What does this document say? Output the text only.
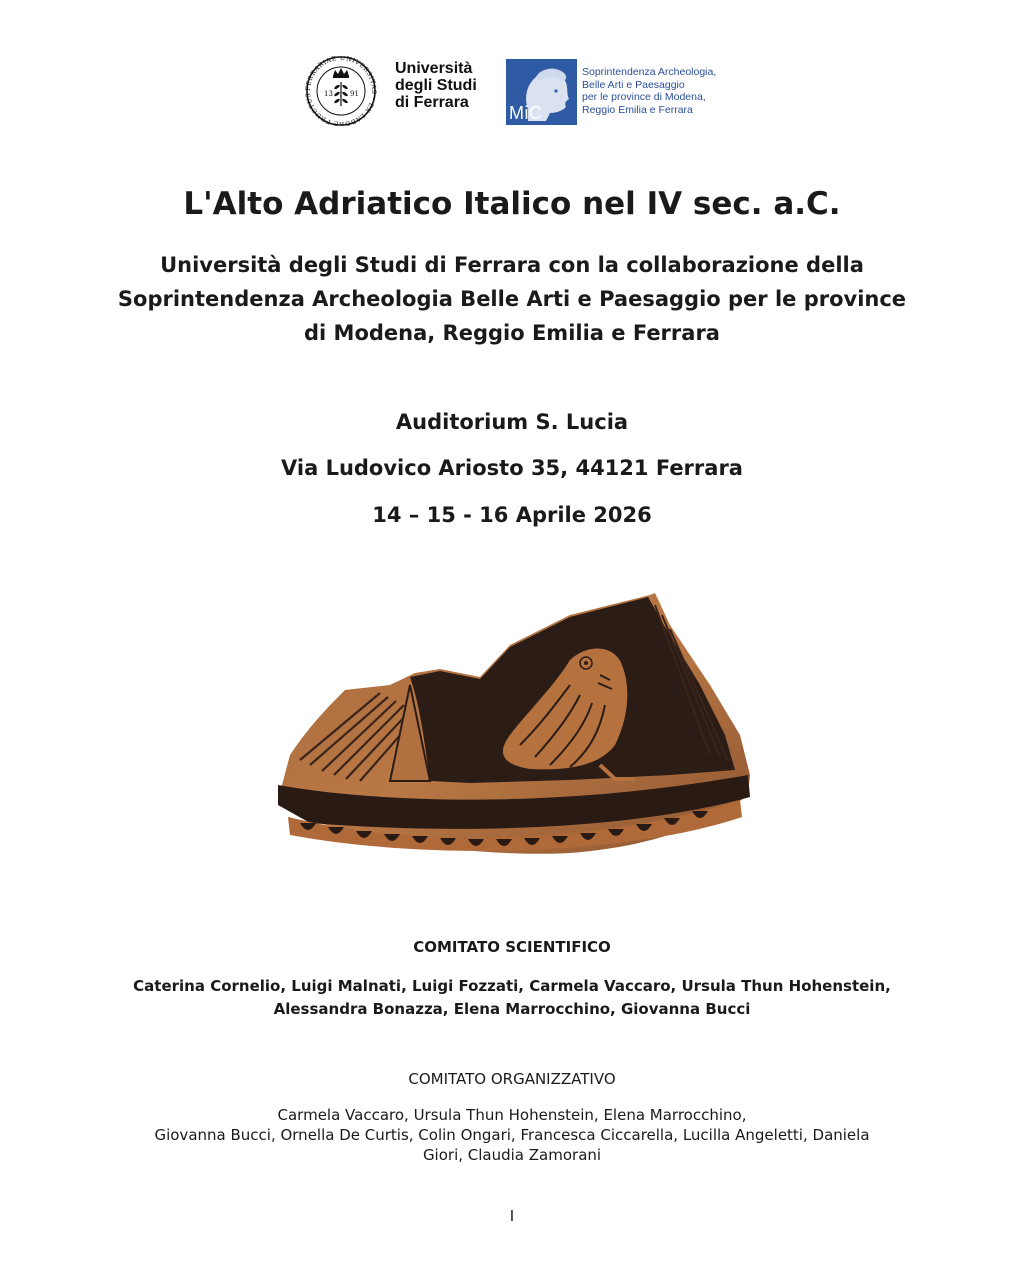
FERRARIAE UNIVERSITAS · EX LABORE FRUCTUS	13 91
Università
degli Studi
di Ferrara
MiC
Soprintendenza Archeologia,
Belle Arti e Paesaggio
per le province di Modena,
Reggio Emilia e Ferrara
L'Alto Adriatico Italico nel IV sec. a.C.
Università degli Studi di Ferrara con la collaborazione della
Soprintendenza Archeologia Belle Arti e Paesaggio per le province
di Modena, Reggio Emilia e Ferrara
Auditorium S. Lucia
Via Ludovico Ariosto 35, 44121 Ferrara
14 – 15 - 16 Aprile 2026
COMITATO SCIENTIFICO
Caterina Cornelio, Luigi Malnati, Luigi Fozzati, Carmela Vaccaro, Ursula Thun Hohenstein,
Alessandra Bonazza, Elena Marrocchino, Giovanna Bucci
COMITATO ORGANIZZATIVO
Carmela Vaccaro, Ursula Thun Hohenstein, Elena Marrocchino,
Giovanna Bucci, Ornella De Curtis, Colin Ongari, Francesca Ciccarella, Lucilla Angeletti, Daniela
Giori, Claudia Zamorani
I
